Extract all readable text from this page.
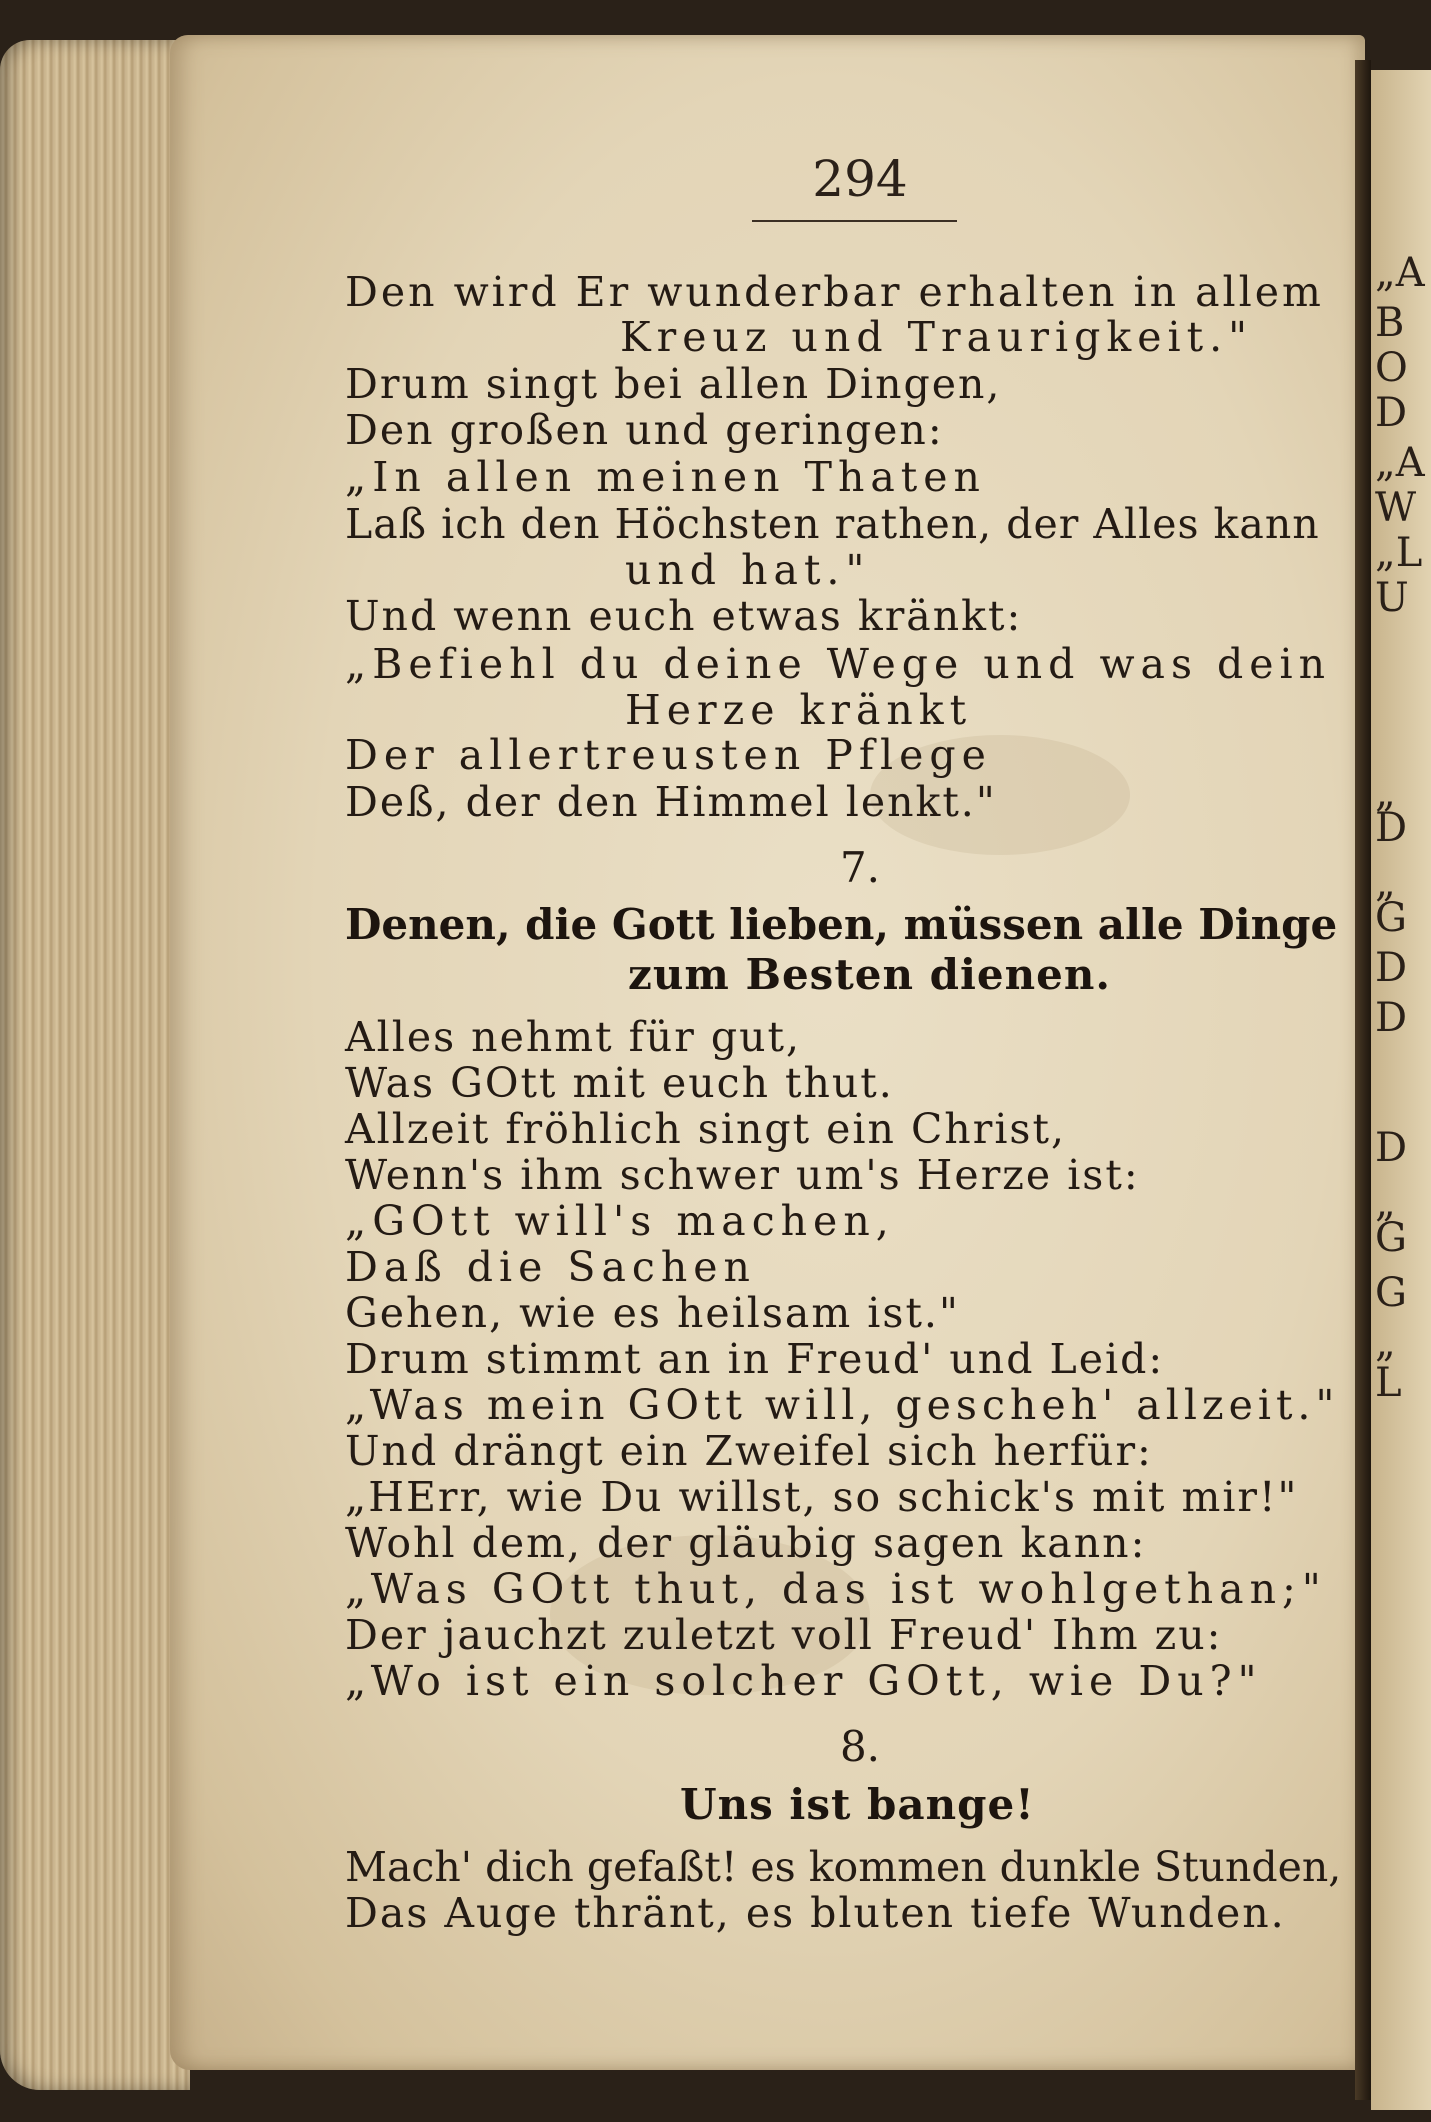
„A
B
O
D
„A
W
„L
U
„
D
„
G
D
D
D
„
G
G
„
L
294
Den wird Er wunderbar erhalten in allem
Kreuz und Traurigkeit."
Drum singt bei allen Dingen,
Den großen und geringen:
„In allen meinen Thaten
Laß ich den Höchsten rathen, der Alles kann
und hat."
Und wenn euch etwas kränkt:
„Befiehl du deine Wege und was dein
Herze kränkt
Der allertreusten Pflege
Deß, der den Himmel lenkt."
7.
Denen, die Gott lieben, müssen alle Dinge
zum Besten dienen.
Alles nehmt für gut,
Was GOtt mit euch thut.
Allzeit fröhlich singt ein Christ,
Wenn's ihm schwer um's Herze ist:
„GOtt will's machen,
Daß die Sachen
Gehen, wie es heilsam ist."
Drum stimmt an in Freud' und Leid:
„Was mein GOtt will, gescheh' allzeit."
Und drängt ein Zweifel sich herfür:
„HErr, wie Du willst, so schick's mit mir!"
Wohl dem, der gläubig sagen kann:
„Was GOtt thut, das ist wohlgethan;"
Der jauchzt zuletzt voll Freud' Ihm zu:
„Wo ist ein solcher GOtt, wie Du?"
8.
Uns ist bange!
Mach' dich gefaßt! es kommen dunkle Stunden,
Das Auge thränt, es bluten tiefe Wunden.
